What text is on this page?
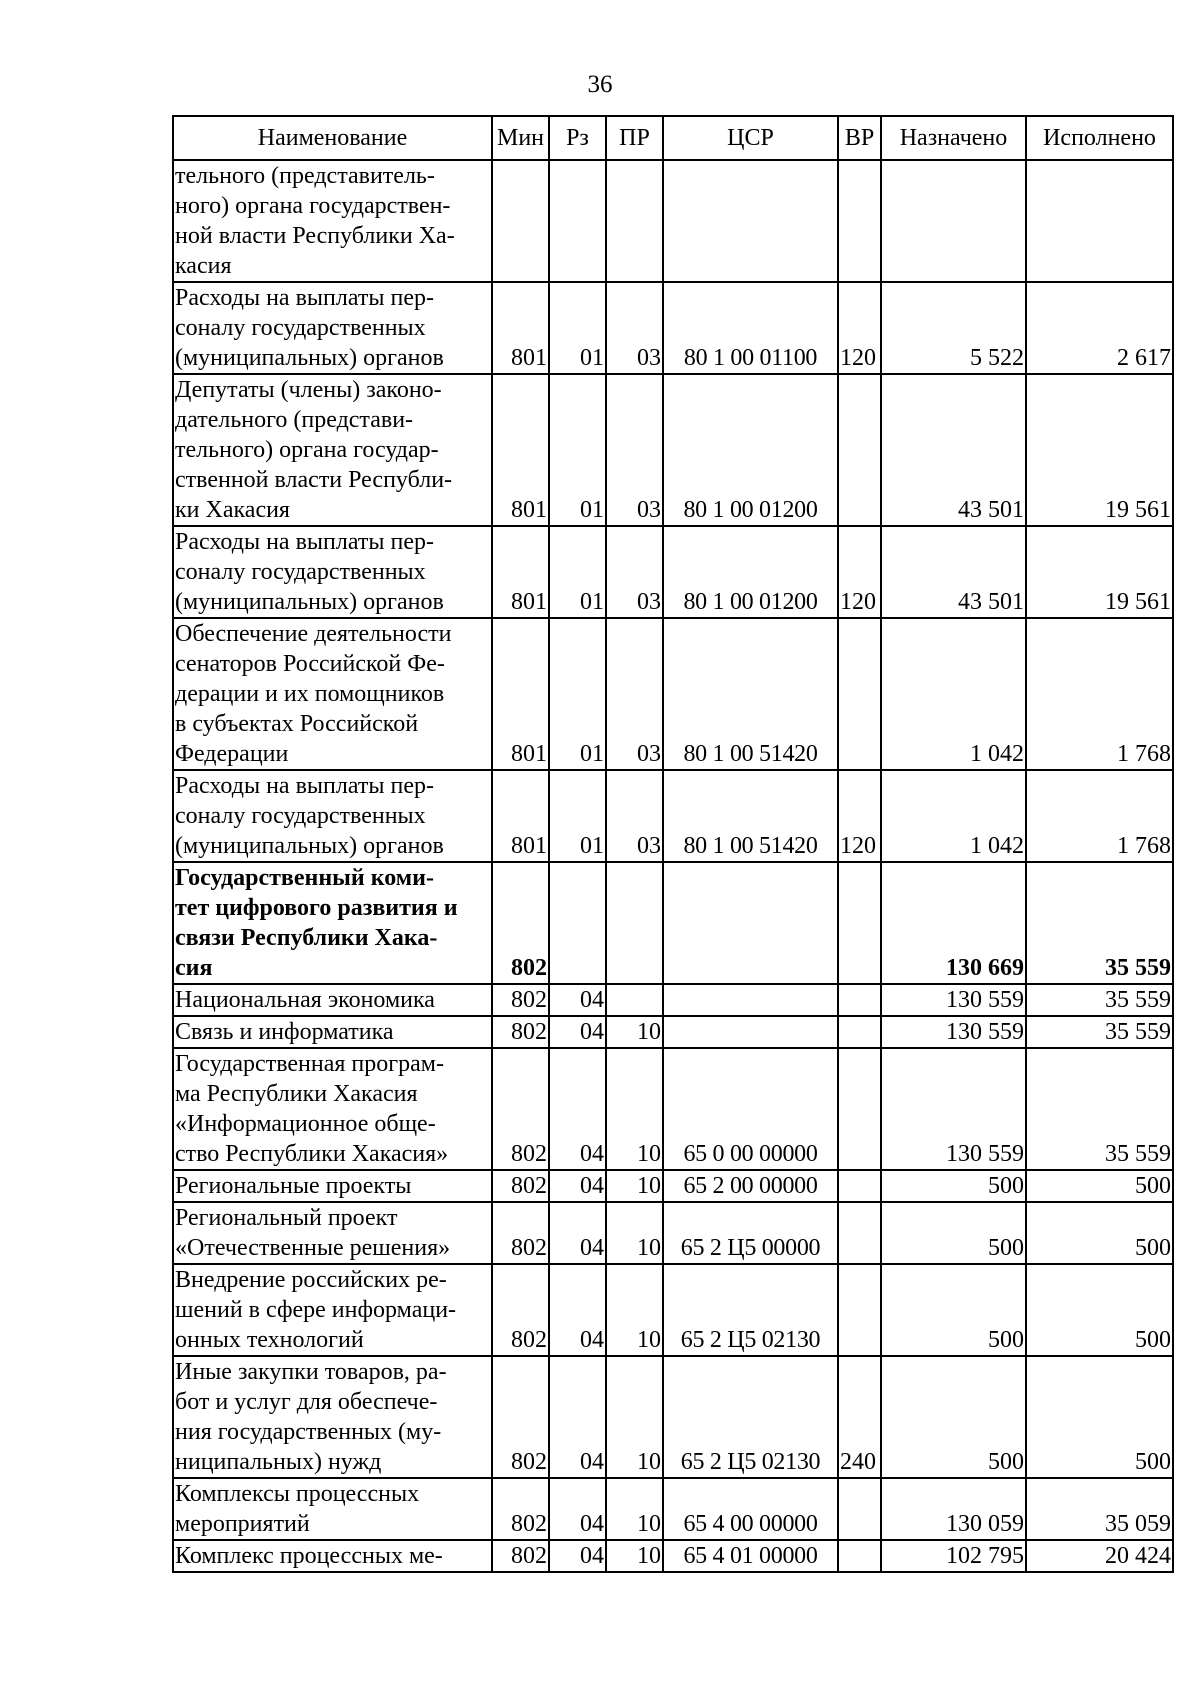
36
Наименование	Мин	Рз	ПР	ЦСР	ВР	Назначено	Исполнено

тельного (представитель-
ного) органа государствен-
ной власти Республики Ха-
касия							

Расходы на выплаты пер-
соналу государственных
(муниципальных) органов	801	01	03	80 1 00 01100	120	5 522	2 617

Депутаты (члены) законо-
дательного (представи-
тельного) органа государ-
ственной власти Республи-
ки Хакасия	801	01	03	80 1 00 01200		43 501	19 561

Расходы на выплаты пер-
соналу государственных
(муниципальных) органов	801	01	03	80 1 00 01200	120	43 501	19 561

Обеспечение деятельности
сенаторов Российской Фе-
дерации и их помощников
в субъектах Российской
Федерации	801	01	03	80 1 00 51420		1 042	1 768

Расходы на выплаты пер-
соналу государственных
(муниципальных) органов	801	01	03	80 1 00 51420	120	1 042	1 768

Государственный коми-
тет цифрового развития и
связи Республики Хака-
сия	802					130 669	35 559

Национальная экономика	802	04				130 559	35 559

Связь и информатика	802	04	10			130 559	35 559

Государственная програм-
ма Республики Хакасия
«Информационное обще-
ство Республики Хакасия»	802	04	10	65 0 00 00000		130 559	35 559

Региональные проекты	802	04	10	65 2 00 00000		500	500

Региональный проект
«Отечественные решения»	802	04	10	65 2 Ц5 00000		500	500

Внедрение российских ре-
шений в сфере информаци-
онных технологий	802	04	10	65 2 Ц5 02130		500	500

Иные закупки товаров, ра-
бот и услуг для обеспече-
ния государственных (му-
ниципальных) нужд	802	04	10	65 2 Ц5 02130	240	500	500

Комплексы процессных
мероприятий	802	04	10	65 4 00 00000		130 059	35 059

Комплекс процессных ме-	802	04	10	65 4 01 00000		102 795	20 424
